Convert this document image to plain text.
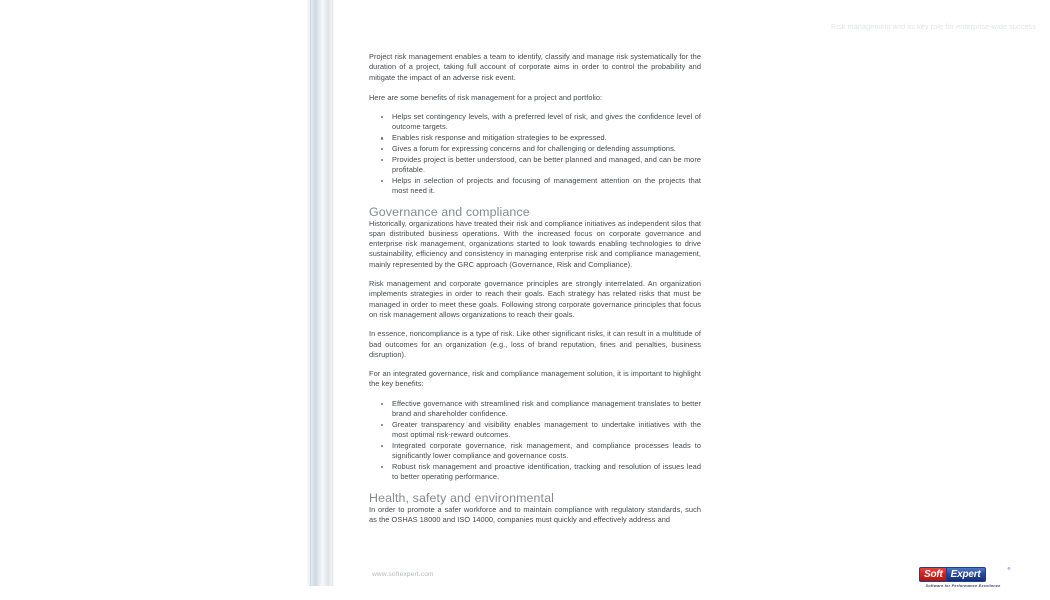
Risk management and its key role for enterprise-wide success

Project risk management enables a team to identify, classify and manage risk systematically for the duration of a project, taking full account of corporate aims in order to control the probability and mitigate the impact of an adverse risk event.

Here are some benefits of risk management for a project and portfolio:

Helps set contingency levels, with a preferred level of risk, and gives the confidence level of outcome targets.
Enables risk response and mitigation strategies to be expressed.
Gives a forum for expressing concerns and for challenging or defending assumptions.
Provides project is better understood, can be better planned and managed, and can be more profitable.
Helps in selection of projects and focusing of management attention on the projects that most need it.
Governance and compliance

Historically, organizations have treated their risk and compliance initiatives as independent silos that span distributed business operations. With the increased focus on corporate governance and enterprise risk management, organizations started to look towards enabling technologies to drive sustainability, efficiency and consistency in managing enterprise risk and compliance management, mainly represented by the GRC approach (Governance, Risk and Compliance).

Risk management and corporate governance principles are strongly interrelated. An organization implements strategies in order to reach their goals. Each strategy has related risks that must be managed in order to meet these goals. Following strong corporate governance principles that focus on risk management allows organizations to reach their goals.

In essence, noncompliance is a type of risk. Like other significant risks, it can result in a multitude of bad outcomes for an organization (e.g., loss of brand reputation, fines and penalties, business disruption).

For an integrated governance, risk and compliance management solution, it is important to highlight the key benefits:

Effective governance with streamlined risk and compliance management translates to better brand and shareholder confidence.
Greater transparency and visibility enables management to undertake initiatives with the most optimal risk-reward outcomes.
Integrated corporate governance, risk management, and compliance processes leads to significantly lower compliance and governance costs.
Robust risk management and proactive identification, tracking and resolution of issues lead to better operating performance.
Health, safety and environmental

In order to promote a safer workforce and to maintain compliance with regulatory standards, such as the OSHAS 18000 and ISO 14000, companies must quickly and effectively address and

www.softexpert.com	Soft Expert
®
Software for Performance Excellence
